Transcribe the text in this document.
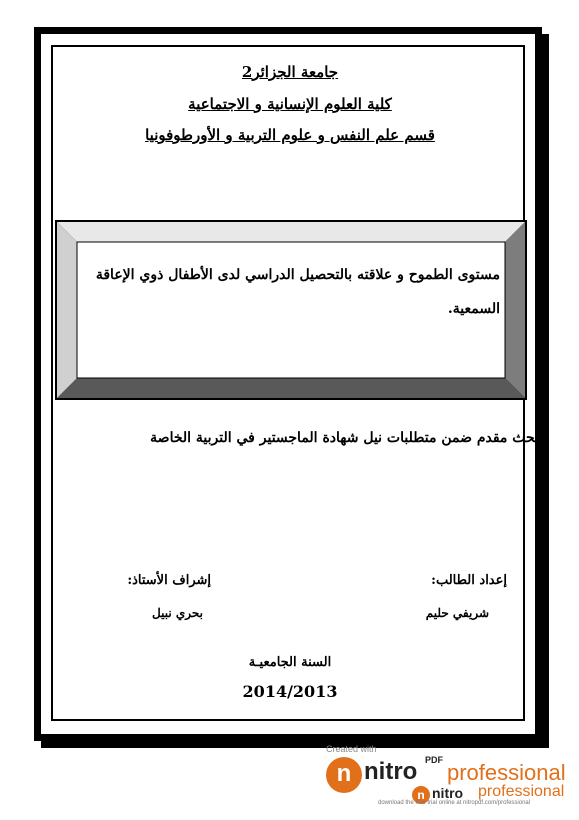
جامعة الجزائر2
كلية العلوم الإنسانية و الاجتماعية
قسم علم النفس و علوم التربية و الأورطوفونيا
مستوى الطموح و علاقته بالتحصيل الدراسي لدى الأطفال ذوي الإعاقة السمعية.
بحث مقدم ضمن متطلبات نيل شهادة الماجستير في التربية الخاصة
إعداد الطالب:
إشراف الأستاذ:
شريفي حليم
بحري نبيل
السنة الجامعيـة
2014/2013
Created with
n nitro PDF professional
n nitro professional
download the free trial online at nitropdf.com/professional
